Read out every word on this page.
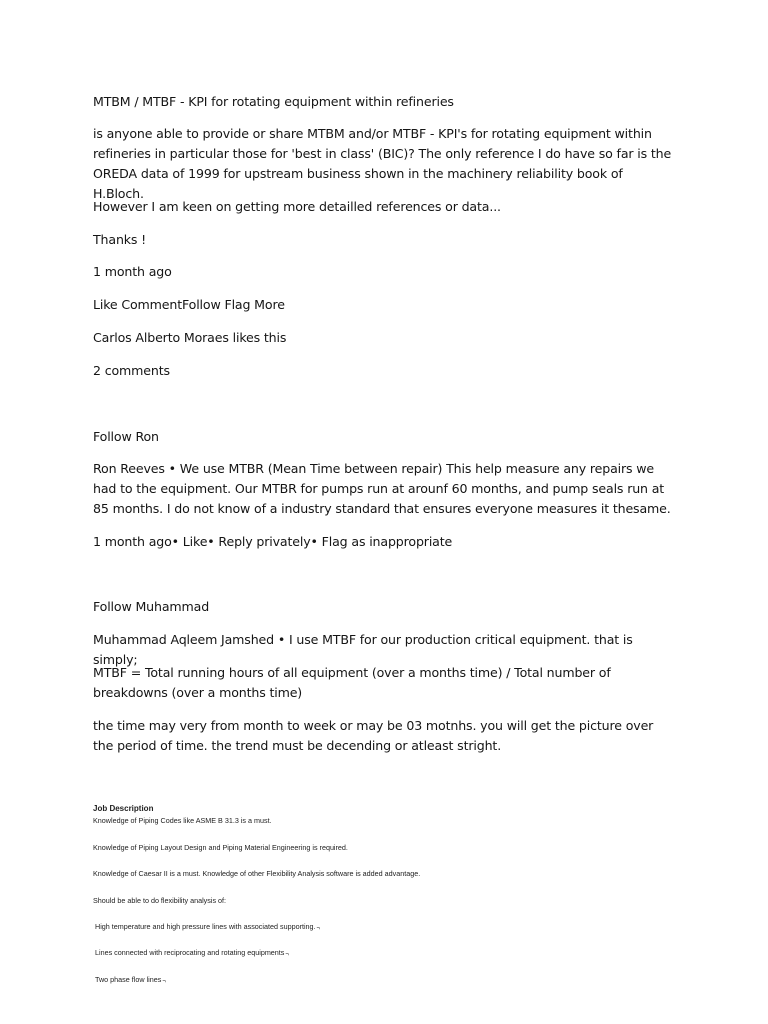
MTBM / MTBF - KPI for rotating equipment within refineries

is anyone able to provide or share MTBM and/or MTBF - KPI's for rotating equipment within refineries in particular those for 'best in class' (BIC)? The only reference I do have so far is the OREDA data of 1999 for upstream business shown in the machinery reliability book of H.Bloch.

However I am keen on getting more detailled references or data...

Thanks !

1 month ago

Like CommentFollow Flag More

Carlos Alberto Moraes likes this

2 comments

Follow Ron

Ron Reeves • We use MTBR (Mean Time between repair) This help measure any repairs we had to the equipment. Our MTBR for pumps run at arounf 60 months, and pump seals run at 85 months. I do not know of a industry standard that ensures everyone measures it thesame.

1 month ago• Like• Reply privately• Flag as inappropriate

Follow Muhammad

Muhammad Aqleem Jamshed • I use MTBF for our production critical equipment. that is simply;

MTBF = Total running hours of all equipment (over a months time) / Total number of breakdowns (over a months time)

the time may very from month to week or may be 03 motnhs. you will get the picture over the period of time. the trend must be decending or atleast stright.

Job Description
Knowledge of Piping Codes like ASME B 31.3 is a must.
Knowledge of Piping Layout Design and Piping Material Engineering is required.
Knowledge of Caesar II is a must. Knowledge of other Flexibility Analysis software is added advantage.
Should be able to do flexibility analysis of:
High temperature and high pressure lines with associated supporting.¬
Lines connected with reciprocating and rotating equipments¬
Two phase flow lines¬
